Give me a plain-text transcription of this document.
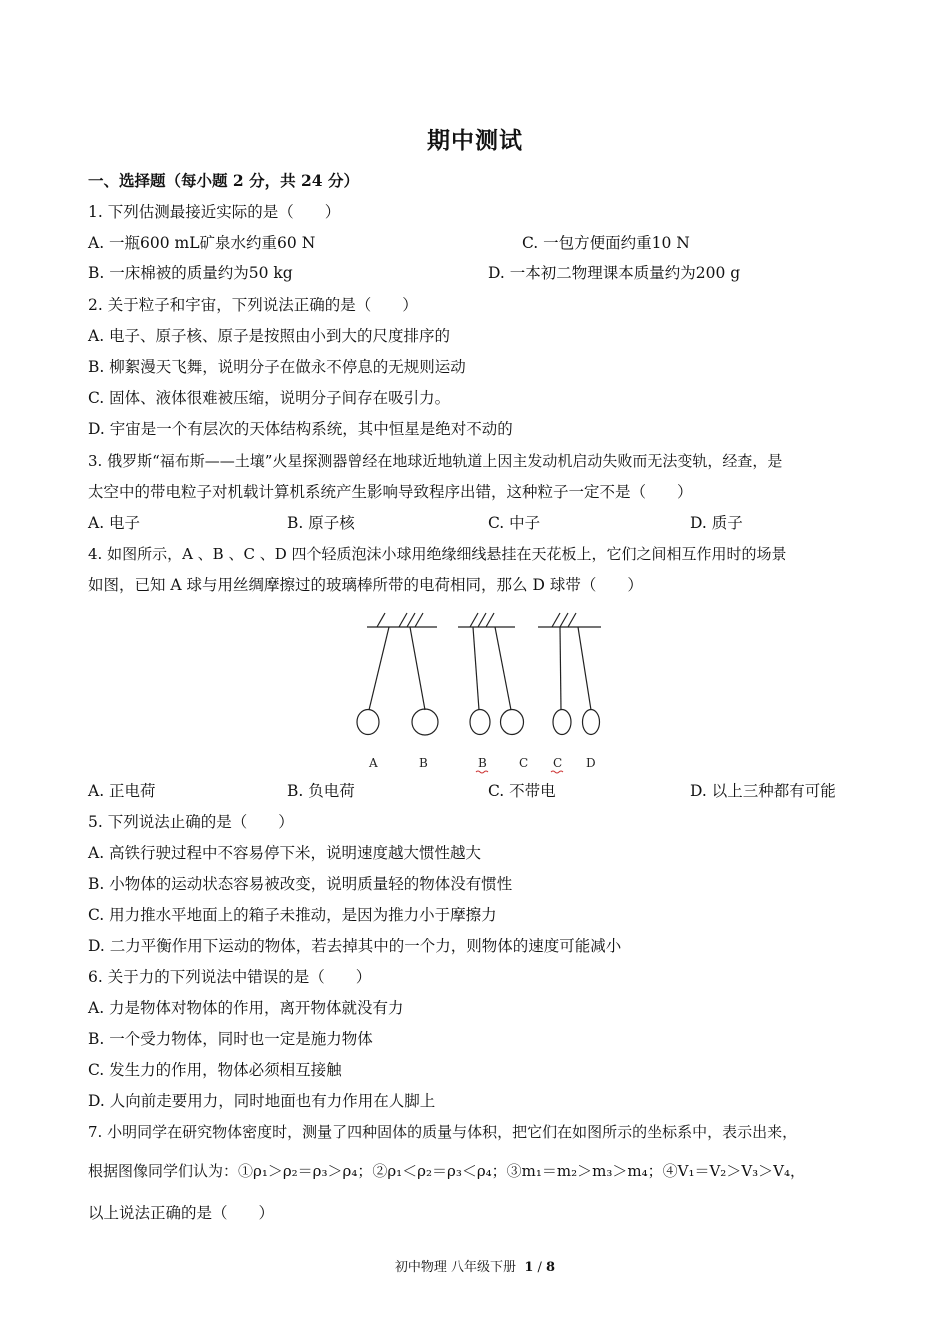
期中测试
一、选择题（每小题 2 分，共 24 分）
1. 下列估测最接近实际的是（　　）
A. 一瓶600 mL矿泉水约重60 N	C. 一包方便面约重10 N
B. 一床棉被的质量约为50 kg	D. 一本初二物理课本质量约为200 g
2. 关于粒子和宇宙，下列说法正确的是（　　）
A. 电子、原子核、原子是按照由小到大的尺度排序的
B. 柳絮漫天飞舞，说明分子在做永不停息的无规则运动
C. 固体、液体很难被压缩，说明分子间存在吸引力。
D. 宇宙是一个有层次的天体结构系统，其中恒星是绝对不动的
3. 俄罗斯“福布斯——土壤”火星探测器曾经在地球近地轨道上因主发动机启动失败而无法变轨，经查，是
太空中的带电粒子对机载计算机系统产生影响导致程序出错，这种粒子一定不是（　　）
A. 电子	B. 原子核	C. 中子	D. 质子
4. 如图所示，A 、B 、C 、D 四个轻质泡沫小球用绝缘细线悬挂在天花板上，它们之间相互作用时的场景
如图，已知 A 球与用丝绸摩擦过的玻璃棒所带的电荷相同，那么 D 球带（　　）
A	B	B	C C D
A. 正电荷	B. 负电荷	C. 不带电	D. 以上三种都有可能
5. 下列说法止确的是（　　）
A. 高铁行驶过程中不容易停下米，说明速度越大惯性越大
B. 小物体的运动状态容易被改变，说明质量轻的物体没有惯性
C. 用力推水平地面上的箱子未推动，是因为推力小于摩擦力
D. 二力平衡作用下运动的物体，若去掉其中的一个力，则物体的速度可能减小
6. 关于力的下列说法中错误的是（　　）
A. 力是物体对物体的作用，离开物体就没有力
B. 一个受力物体，同时也一定是施力物体
C. 发生力的作用，物体必须相互接触
D. 人向前走要用力，同时地面也有力作用在人脚上
7. 小明同学在研究物体密度时，测量了四种固体的质量与体积，把它们在如图所示的坐标系中，表示出来，
根据图像同学们认为：①ρ₁＞ρ₂＝ρ₃＞ρ₄；②ρ₁＜ρ₂＝ρ₃＜ρ₄；③m₁＝m₂＞m₃＞m₄；④V₁＝V₂＞V₃＞V₄，
以上说法正确的是（　　）
初中物理 八年级下册 1 / 8
